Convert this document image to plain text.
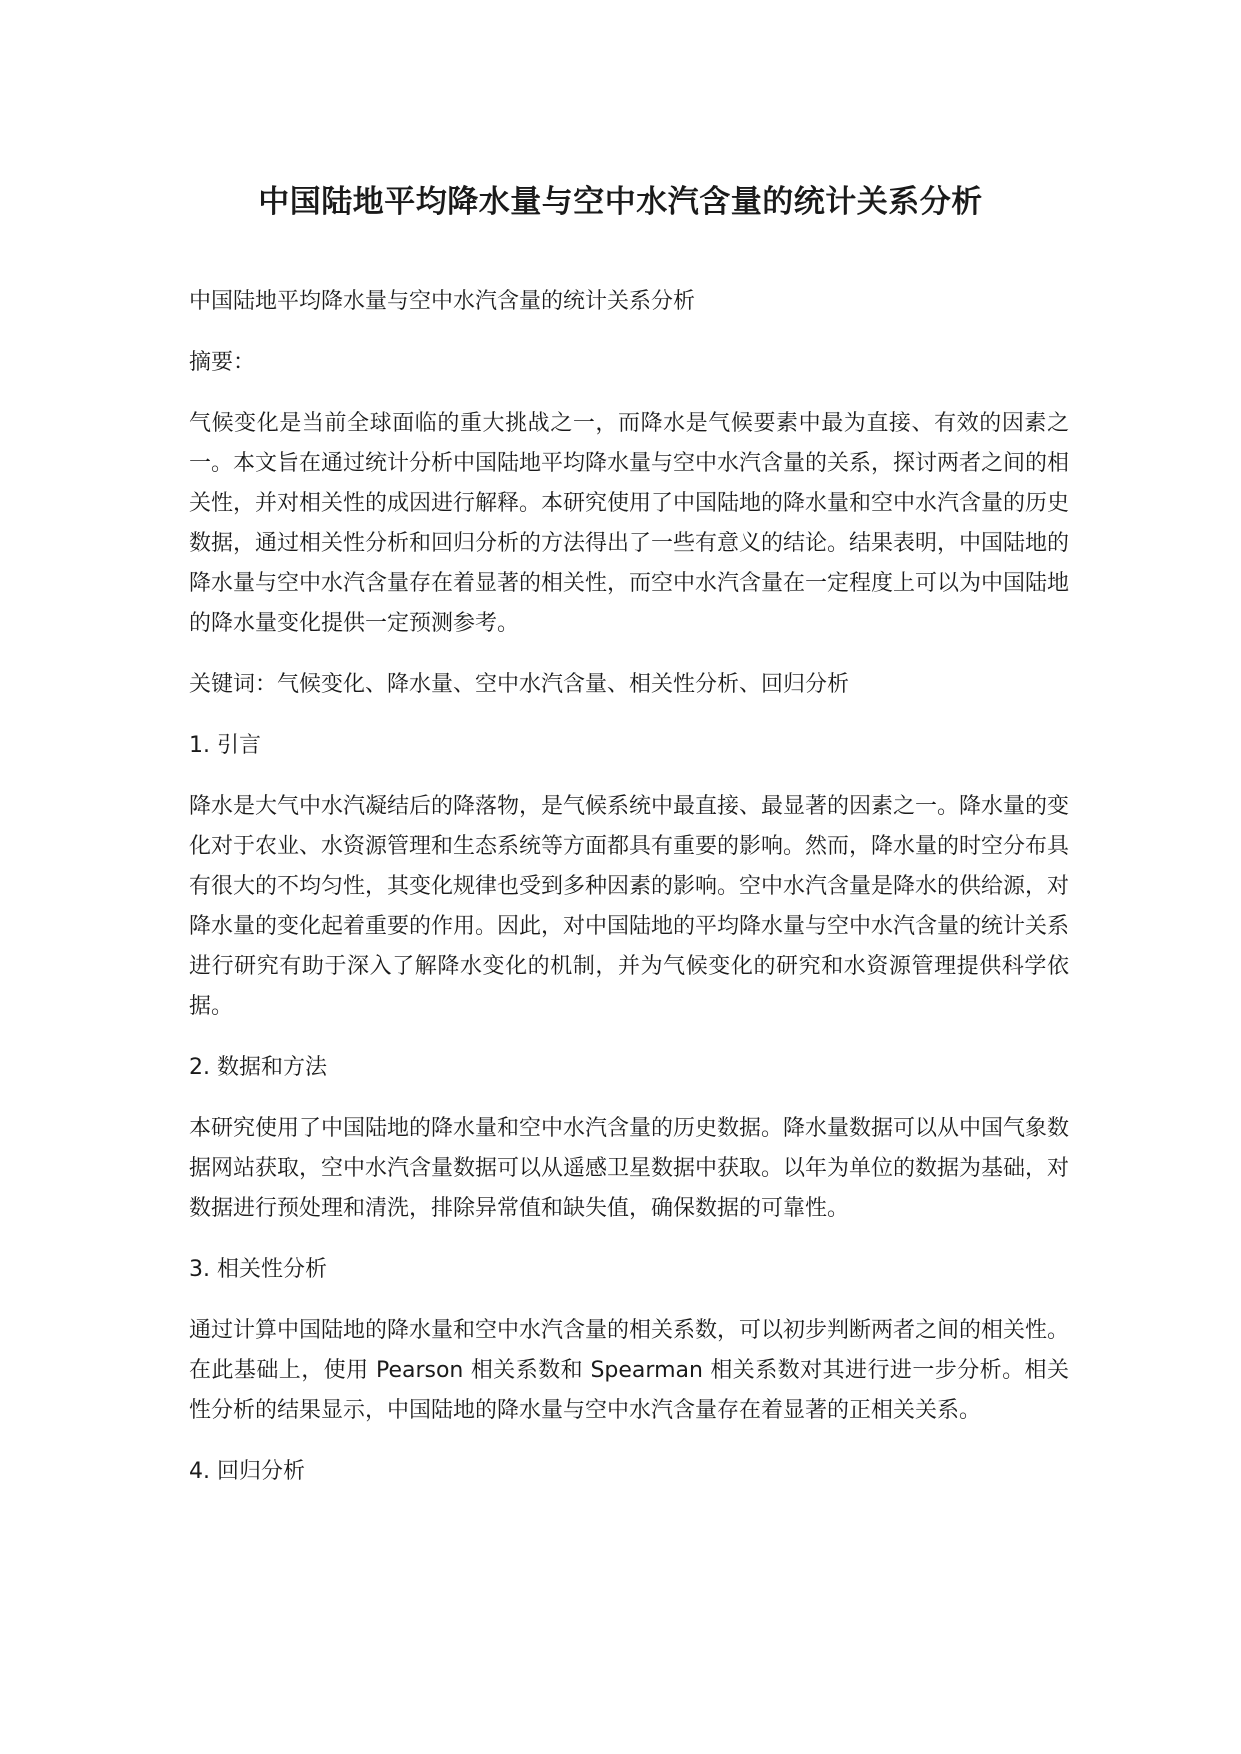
中国陆地平均降水量与空中水汽含量的统计关系分析

中国陆地平均降水量与空中水汽含量的统计关系分析

摘要：

气候变化是当前全球面临的重大挑战之一，而降水是气候要素中最为直接、有效的因素之一。本文旨在通过统计分析中国陆地平均降水量与空中水汽含量的关系，探讨两者之间的相关性，并对相关性的成因进行解释。本研究使用了中国陆地的降水量和空中水汽含量的历史数据，通过相关性分析和回归分析的方法得出了一些有意义的结论。结果表明，中国陆地的降水量与空中水汽含量存在着显著的相关性，而空中水汽含量在一定程度上可以为中国陆地的降水量变化提供一定预测参考。

关键词：气候变化、降水量、空中水汽含量、相关性分析、回归分析

1. 引言

降水是大气中水汽凝结后的降落物，是气候系统中最直接、最显著的因素之一。降水量的变化对于农业、水资源管理和生态系统等方面都具有重要的影响。然而，降水量的时空分布具有很大的不均匀性，其变化规律也受到多种因素的影响。空中水汽含量是降水的供给源，对降水量的变化起着重要的作用。因此，对中国陆地的平均降水量与空中水汽含量的统计关系进行研究有助于深入了解降水变化的机制，并为气候变化的研究和水资源管理提供科学依据。

2. 数据和方法

本研究使用了中国陆地的降水量和空中水汽含量的历史数据。降水量数据可以从中国气象数据网站获取，空中水汽含量数据可以从遥感卫星数据中获取。以年为单位的数据为基础，对数据进行预处理和清洗，排除异常值和缺失值，确保数据的可靠性。

3. 相关性分析

通过计算中国陆地的降水量和空中水汽含量的相关系数，可以初步判断两者之间的相关性。在此基础上，使用 Pearson 相关系数和 Spearman 相关系数对其进行进一步分析。相关性分析的结果显示，中国陆地的降水量与空中水汽含量存在着显著的正相关关系。

4. 回归分析
